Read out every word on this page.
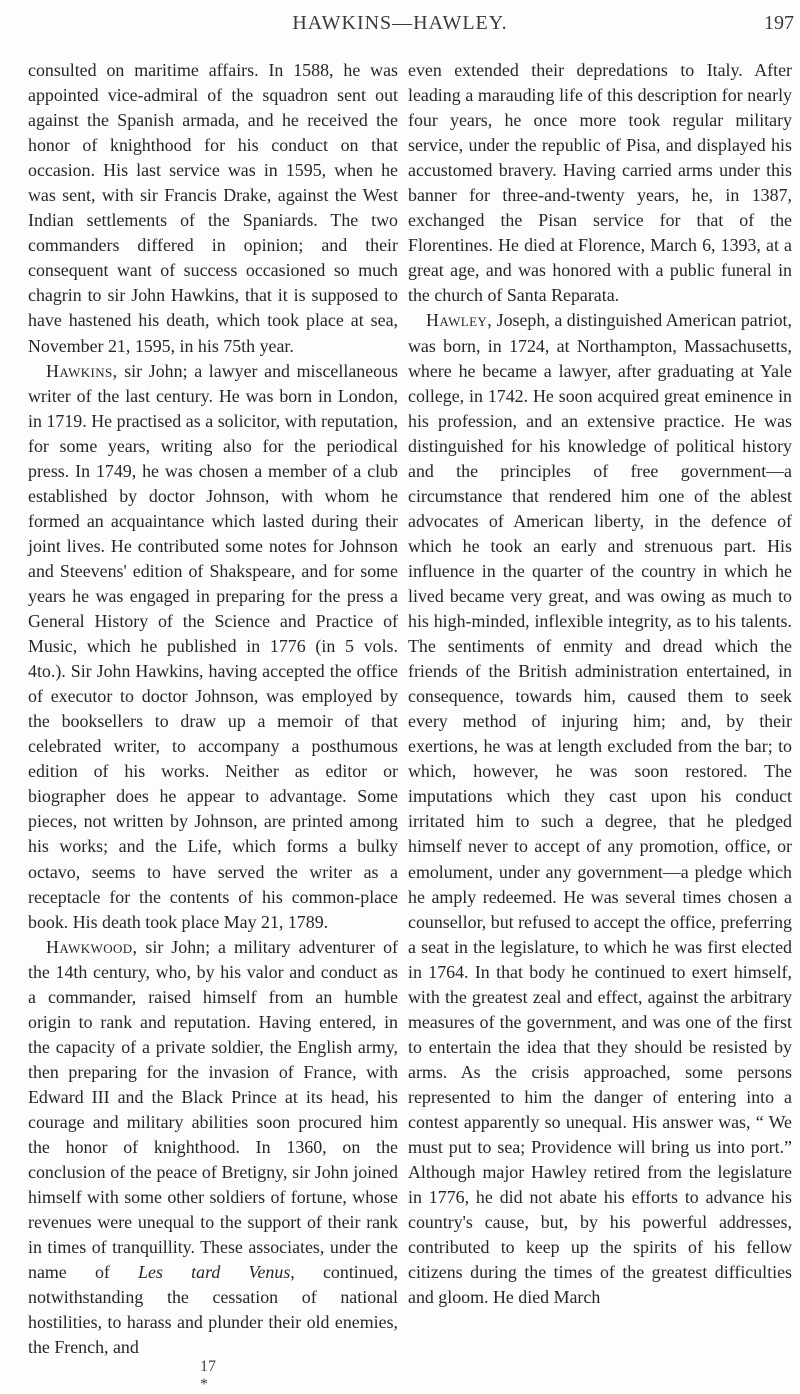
HAWKINS—HAWLEY.	197

consulted on maritime affairs. In 1588, he was appointed vice-admiral of the squadron sent out against the Spanish armada, and he received the honor of knighthood for his conduct on that occasion. His last service was in 1595, when he was sent, with sir Francis Drake, against the West Indian settlements of the Spaniards. The two commanders differed in opinion; and their consequent want of success occasioned so much chagrin to sir John Hawkins, that it is supposed to have hastened his death, which took place at sea, November 21, 1595, in his 75th year.

Hawkins, sir John; a lawyer and miscellaneous writer of the last century. He was born in London, in 1719. He practised as a solicitor, with reputation, for some years, writing also for the periodical press. In 1749, he was chosen a member of a club established by doctor Johnson, with whom he formed an acquaintance which lasted during their joint lives. He contributed some notes for Johnson and Steevens' edition of Shakspeare, and for some years he was engaged in preparing for the press a General History of the Science and Practice of Music, which he published in 1776 (in 5 vols. 4to.). Sir John Hawkins, having accepted the office of executor to doctor Johnson, was employed by the booksellers to draw up a memoir of that celebrated writer, to accompany a posthumous edition of his works. Neither as editor or biographer does he appear to advantage. Some pieces, not written by Johnson, are printed among his works; and the Life, which forms a bulky octavo, seems to have served the writer as a receptacle for the contents of his common-place book. His death took place May 21, 1789.

Hawkwood, sir John; a military adventurer of the 14th century, who, by his valor and conduct as a commander, raised himself from an humble origin to rank and reputation. Having entered, in the capacity of a private soldier, the English army, then preparing for the invasion of France, with Edward III and the Black Prince at its head, his courage and military abilities soon procured him the honor of knighthood. In 1360, on the conclusion of the peace of Bretigny, sir John joined himself with some other soldiers of fortune, whose revenues were unequal to the support of their rank in times of tranquillity. These associates, under the name of Les tard Venus, continued, notwithstanding the cessation of national hostilities, to harass and plunder their old enemies, the French, and

even extended their depredations to Italy. After leading a marauding life of this description for nearly four years, he once more took regular military service, under the republic of Pisa, and displayed his accustomed bravery. Having carried arms under this banner for three-and-twenty years, he, in 1387, exchanged the Pisan service for that of the Florentines. He died at Florence, March 6, 1393, at a great age, and was honored with a public funeral in the church of Santa Reparata.

Hawley, Joseph, a distinguished American patriot, was born, in 1724, at Northampton, Massachusetts, where he became a lawyer, after graduating at Yale college, in 1742. He soon acquired great eminence in his profession, and an extensive practice. He was distinguished for his knowledge of political history and the principles of free government—a circumstance that rendered him one of the ablest advocates of American liberty, in the defence of which he took an early and strenuous part. His influence in the quarter of the country in which he lived became very great, and was owing as much to his high-minded, inflexible integrity, as to his talents. The sentiments of enmity and dread which the friends of the British administration entertained, in consequence, towards him, caused them to seek every method of injuring him; and, by their exertions, he was at length excluded from the bar; to which, however, he was soon restored. The imputations which they cast upon his conduct irritated him to such a degree, that he pledged himself never to accept of any promotion, office, or emolument, under any government—a pledge which he amply redeemed. He was several times chosen a counsellor, but refused to accept the office, preferring a seat in the legislature, to which he was first elected in 1764. In that body he continued to exert himself, with the greatest zeal and effect, against the arbitrary measures of the government, and was one of the first to entertain the idea that they should be resisted by arms. As the crisis approached, some persons represented to him the danger of entering into a contest apparently so unequal. His answer was, “ We must put to sea; Providence will bring us into port.” Although major Hawley retired from the legislature in 1776, he did not abate his efforts to advance his country's cause, but, by his powerful addresses, contributed to keep up the spirits of his fellow citizens during the times of the greatest difficulties and gloom. He died March

17 *
